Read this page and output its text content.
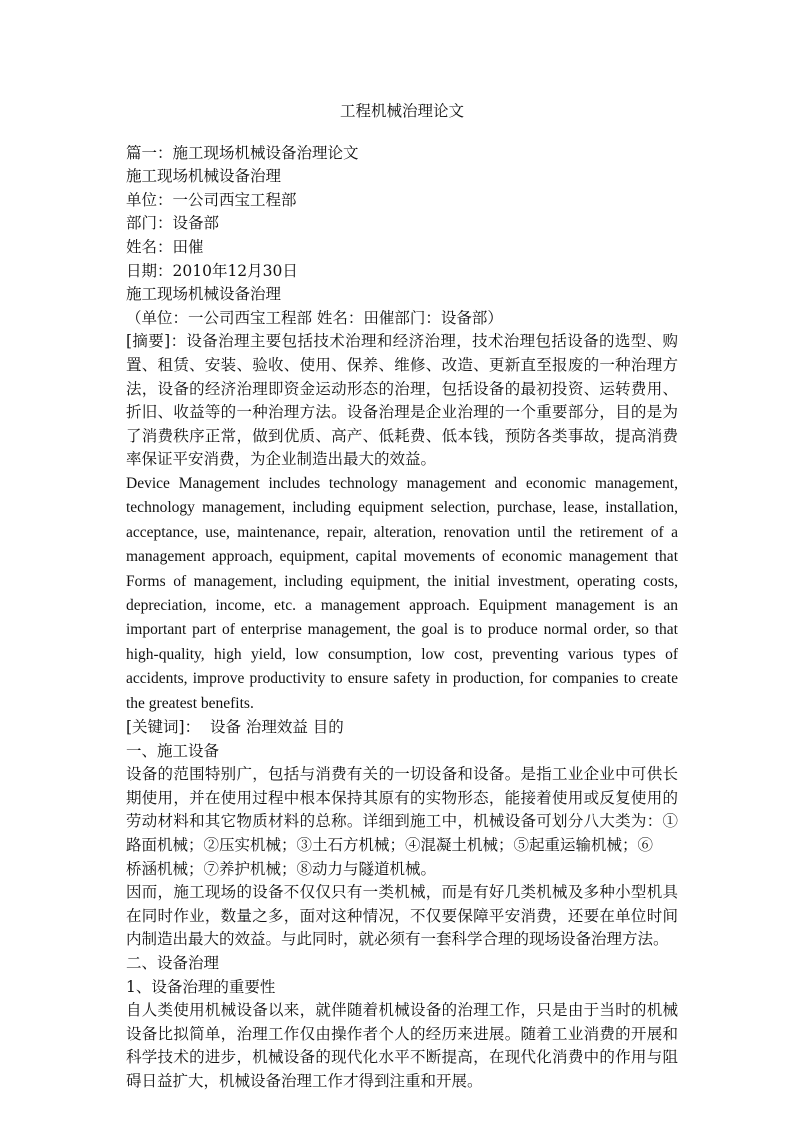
工程机械治理论文

篇一：施工现场机械设备治理论文

施工现场机械设备治理

单位：一公司西宝工程部

部门：设备部

姓名：田催

日期：2010年12月30日

施工现场机械设备治理

（单位：一公司西宝工程部 姓名：田催部门：设备部）

[摘要]：设备治理主要包括技术治理和经济治理，技术治理包括设备的选型、购置、租赁、安装、验收、使用、保养、维修、改造、更新直至报废的一种治理方法，设备的经济治理即资金运动形态的治理，包括设备的最初投资、运转费用、折旧、收益等的一种治理方法。设备治理是企业治理的一个重要部分，目的是为了消费秩序正常，做到优质、高产、低耗费、低本钱，预防各类事故，提高消费率保证平安消费，为企业制造出最大的效益。

Device Management includes technology management and economic management, technology management, including equipment selection, purchase, lease, installation, acceptance, use, maintenance, repair, alteration, renovation until the retirement of a management approach, equipment, capital movements of economic management that Forms of management, including equipment, the initial investment, operating costs, depreciation, income, etc. a management approach. Equipment management is an important part of enterprise management, the goal is to produce normal order, so that high-quality, high yield, low consumption, low cost, preventing various types of accidents, improve productivity to ensure safety in production, for companies to create the greatest benefits.

[关键词]：  设备 治理效益 目的

一、施工设备

设备的范围特别广，包括与消费有关的一切设备和设备。是指工业企业中可供长期使用，并在使用过程中根本保持其原有的实物形态，能接着使用或反复使用的劳动材料和其它物质材料的总称。详细到施工中，机械设备可划分八大类为：①路面机械；②压实机械；③土石方机械；④混凝土机械；⑤起重运输机械；⑥

桥涵机械；⑦养护机械；⑧动力与隧道机械。

因而，施工现场的设备不仅仅只有一类机械，而是有好几类机械及多种小型机具在同时作业，数量之多，面对这种情况，不仅要保障平安消费，还要在单位时间内制造出最大的效益。与此同时，就必须有一套科学合理的现场设备治理方法。

二、设备治理

1、设备治理的重要性

自人类使用机械设备以来，就伴随着机械设备的治理工作，只是由于当时的机械设备比拟简单，治理工作仅由操作者个人的经历来进展。随着工业消费的开展和科学技术的进步，机械设备的现代化水平不断提高，在现代化消费中的作用与阻碍日益扩大，机械设备治理工作才得到注重和开展。
